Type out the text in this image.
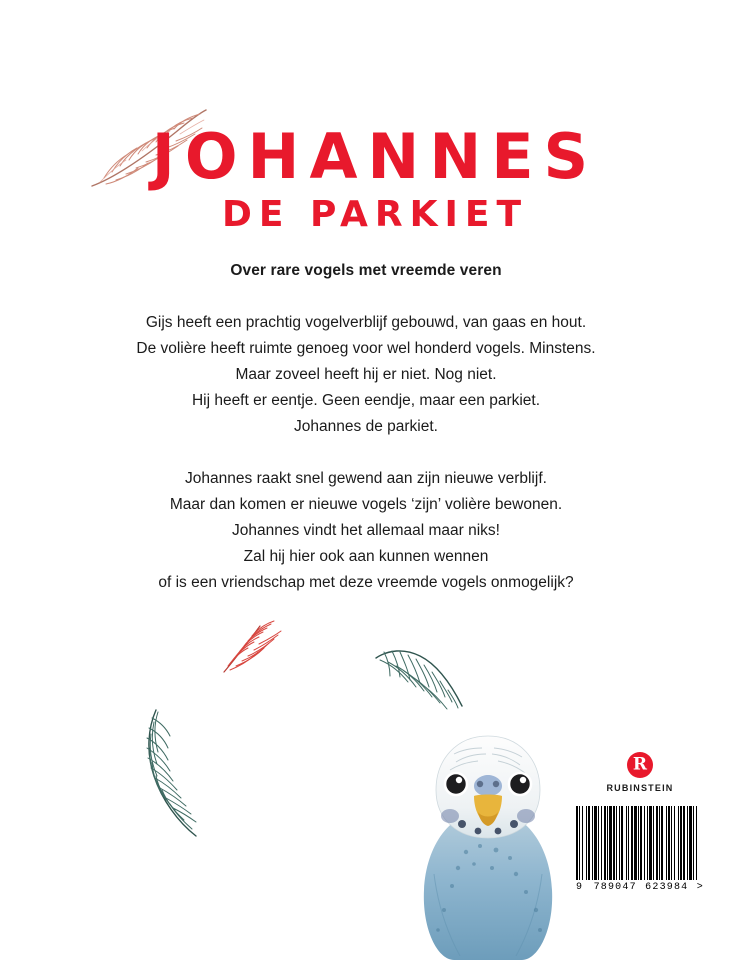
JOHANNES
DE PARKIET
Over rare vogels met vreemde veren

Gijs heeft een prachtig vogelverblijf gebouwd, van gaas en hout.

De volière heeft ruimte genoeg voor wel honderd vogels. Minstens.

Maar zoveel heeft hij er niet. Nog niet.

Hij heeft er eentje. Geen eendje, maar een parkiet.

Johannes de parkiet.

Johannes raakt snel gewend aan zijn nieuwe verblijf.

Maar dan komen er nieuwe vogels ‘zijn’ volière bewonen.

Johannes vindt het allemaal maar niks!

Zal hij hier ook aan kunnen wennen

of is een vriendschap met deze vreemde vogels onmogelijk?

R
RUBINSTEIN
9 789047 623984 >
